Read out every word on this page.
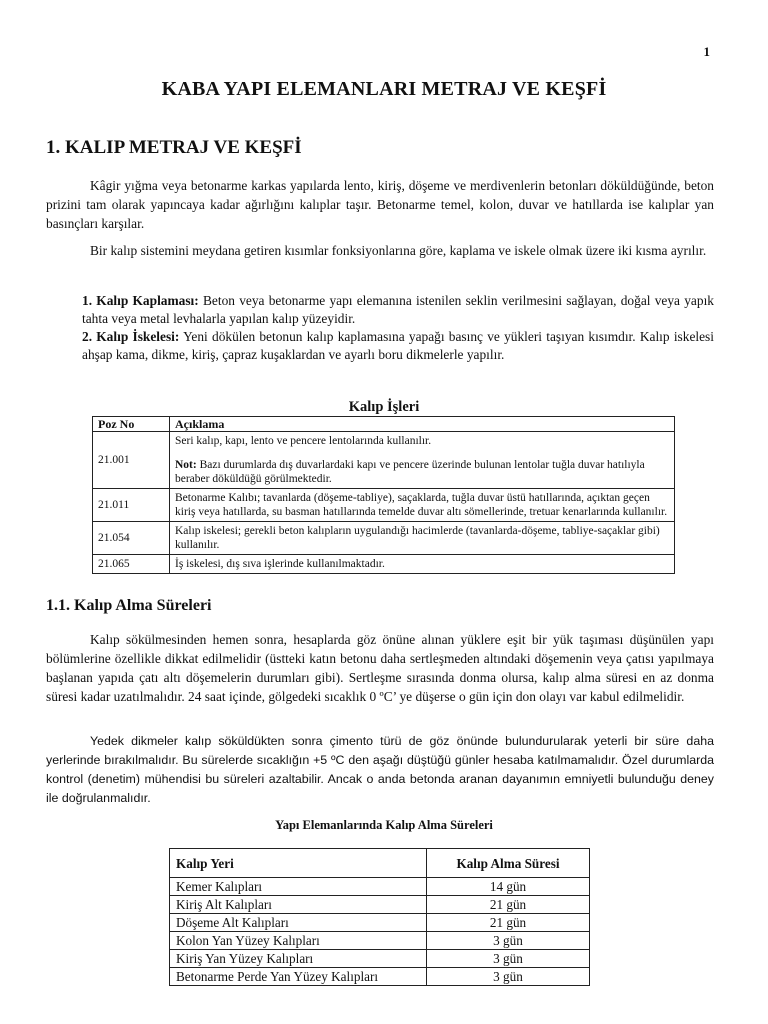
1
KABA YAPI ELEMANLARI METRAJ VE KEŞFİ
1. KALIP METRAJ VE KEŞFİ

Kâgir yığma veya betonarme karkas yapılarda lento, kiriş, döşeme ve merdivenlerin betonları döküldüğünde, beton prizini tam olarak yapıncaya kadar ağırlığını kalıplar taşır. Betonarme temel, kolon, duvar ve hatıllarda ise kalıplar yan basınçları karşılar.

Bir kalıp sistemini meydana getiren kısımlar fonksiyonlarına göre, kaplama ve iskele olmak üzere iki kısma ayrılır.

1. Kalıp Kaplaması: Beton veya betonarme yapı elemanına istenilen seklin verilmesini sağlayan, doğal veya yapık tahta veya metal levhalarla yapılan kalıp yüzeyidir.

2. Kalıp İskelesi: Yeni dökülen betonun kalıp kaplamasına yapağı basınç ve yükleri taşıyan kısımdır. Kalıp iskelesi ahşap kama, dikme, kiriş, çapraz kuşaklardan ve ayarlı boru dikmelerle yapılır.

Kalıp İşleri
Poz No	Açıklama
21.001	Seri kalıp, kapı, lento ve pencere lentolarında kullanılır.
Not: Bazı durumlarda dış duvarlardaki kapı ve pencere üzerinde bulunan lentolar tuğla duvar hatılıyla beraber döküldüğü görülmektedir.

21.011	Betonarme Kalıbı; tavanlarda (döşeme-tabliye), saçaklarda, tuğla duvar üstü hatıllarında, açıktan geçen kiriş veya hatıllarda, su basman hatıllarında temelde duvar altı sömellerinde, tretuar kenarlarında kullanılır.
21.054	Kalıp iskelesi; gerekli beton kalıpların uygulandığı hacimlerde (tavanlarda-döşeme, tabliye-saçaklar gibi) kullanılır.
21.065	İş iskelesi, dış sıva işlerinde kullanılmaktadır.
1.1. Kalıp Alma Süreleri

Kalıp sökülmesinden hemen sonra, hesaplarda göz önüne alınan yüklere eşit bir yük taşıması düşünülen yapı bölümlerine özellikle dikkat edilmelidir (üstteki katın betonu daha sertleşmeden altındaki döşemenin veya çatısı yapılmaya başlanan yapıda çatı altı döşemelerin durumları gibi). Sertleşme sırasında donma olursa, kalıp alma süresi en az donma süresi kadar uzatılmalıdır. 24 saat içinde, gölgedeki sıcaklık 0 ºC’ ye düşerse o gün için don olayı var kabul edilmelidir.

Yedek dikmeler kalıp söküldükten sonra çimento türü de göz önünde bulundurularak yeterli bir süre daha yerlerinde bırakılmalıdır. Bu sürelerde sıcaklığın +5 ºC den aşağı düştüğü günler hesaba katılmamalıdır. Özel durumlarda kontrol (denetim) mühendisi bu süreleri azaltabilir. Ancak o anda betonda aranan dayanımın emniyetli bulunduğu deney ile doğrulanmalıdır.

Yapı Elemanlarında Kalıp Alma Süreleri
Kalıp Yeri	Kalıp Alma Süresi
Kemer Kalıpları	14 gün
Kiriş Alt Kalıpları	21 gün
Döşeme Alt Kalıpları	21 gün
Kolon Yan Yüzey Kalıpları	3 gün
Kiriş Yan Yüzey Kalıpları	3 gün
Betonarme Perde Yan Yüzey Kalıpları	3 gün
